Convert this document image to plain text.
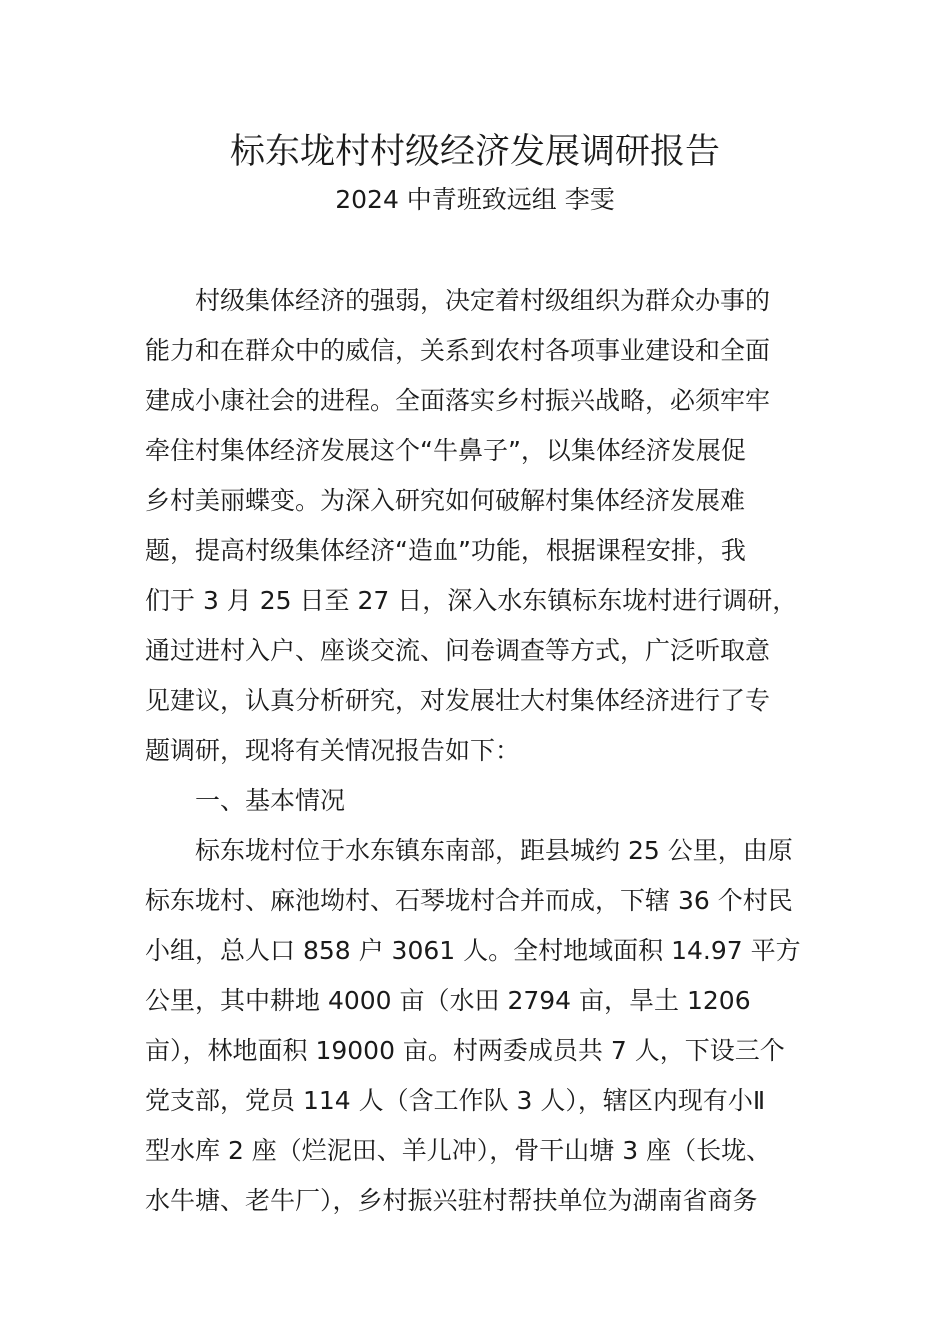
标东垅村村级经济发展调研报告
2024 中青班致远组 李雯
村级集体经济的强弱，决定着村级组织为群众办事的
能力和在群众中的威信，关系到农村各项事业建设和全面
建成小康社会的进程。全面落实乡村振兴战略，必须牢牢
牵住村集体经济发展这个“牛鼻子”，以集体经济发展促
乡村美丽蝶变。为深入研究如何破解村集体经济发展难
题，提高村级集体经济“造血”功能，根据课程安排，我
们于 3 月 25 日至 27 日，深入水东镇标东垅村进行调研，
通过进村入户、座谈交流、问卷调查等方式，广泛听取意
见建议，认真分析研究，对发展壮大村集体经济进行了专
题调研，现将有关情况报告如下：
一、基本情况
标东垅村位于水东镇东南部，距县城约 25 公里，由原
标东垅村、麻池坳村、石琴垅村合并而成，下辖 36 个村民
小组，总人口 858 户 3061 人。全村地域面积 14.97 平方
公里，其中耕地 4000 亩（水田 2794 亩，旱土 1206
亩），林地面积 19000 亩。村两委成员共 7 人，下设三个
党支部，党员 114 人（含工作队 3 人），辖区内现有小Ⅱ
型水库 2 座（烂泥田、羊儿冲），骨干山塘 3 座（长垅、
水牛塘、老牛厂），乡村振兴驻村帮扶单位为湖南省商务
